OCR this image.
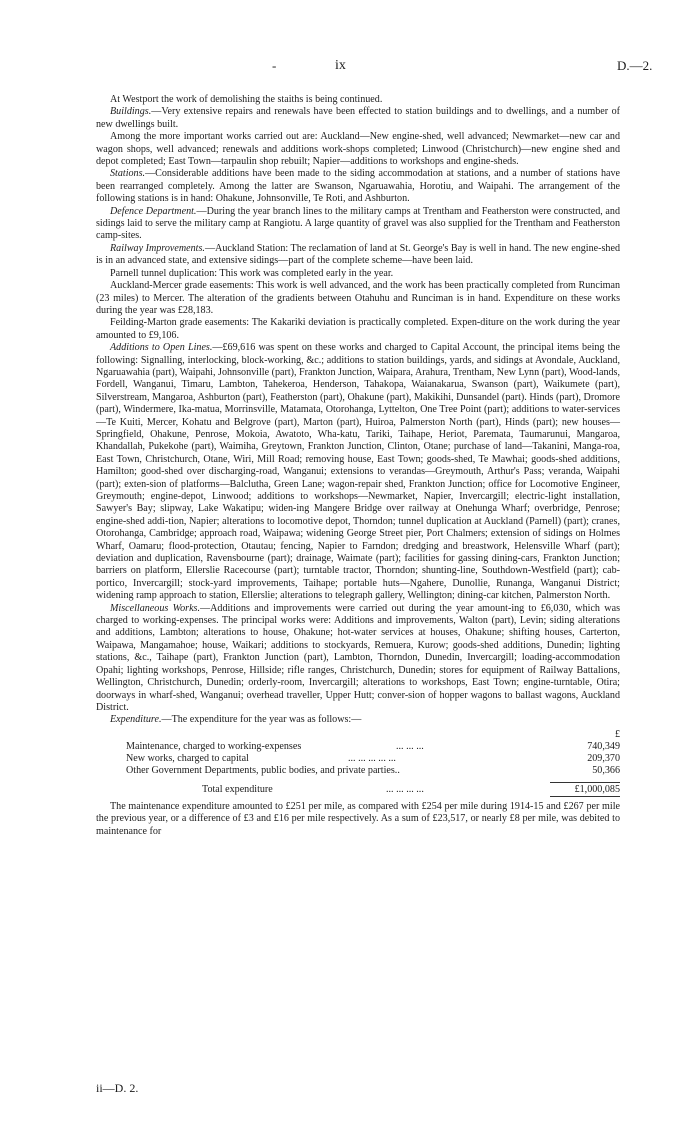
-	ix	D.—2.

At Westport the work of demolishing the staiths is being continued.

Buildings.—Very extensive repairs and renewals have been effected to station buildings and to dwellings, and a number of new dwellings built.

Among the more important works carried out are: Auckland—New engine-shed, well advanced; Newmarket—new car and wagon shops, well advanced; renewals and additions work-shops completed; Linwood (Christchurch)—new engine shed and depot completed; East Town—tarpaulin shop rebuilt; Napier—additions to workshops and engine-sheds.

Stations.—Considerable additions have been made to the siding accommodation at stations, and a number of stations have been rearranged completely. Among the latter are Swanson, Ngaruawahia, Horotiu, and Waipahi. The arrangement of the following stations is in hand: Ohakune, Johnsonville, Te Roti, and Ashburton.

Defence Department.—During the year branch lines to the military camps at Trentham and Featherston were constructed, and sidings laid to serve the military camp at Rangiotu. A large quantity of gravel was also supplied for the Trentham and Featherston camp-sites.

Railway Improvements.—Auckland Station: The reclamation of land at St. George's Bay is well in hand. The new engine-shed is in an advanced state, and extensive sidings—part of the complete scheme—have been laid.

Parnell tunnel duplication: This work was completed early in the year.

Auckland-Mercer grade easements: This work is well advanced, and the work has been practically completed from Runciman (23 miles) to Mercer. The alteration of the gradients between Otahuhu and Runciman is in hand. Expenditure on these works during the year was £28,183.

Feilding-Marton grade easements: The Kakariki deviation is practically completed. Expen-diture on the work during the year amounted to £9,106.

Additions to Open Lines.—£69,616 was spent on these works and charged to Capital Account, the principal items being the following: Signalling, interlocking, block-working, &c.; additions to station buildings, yards, and sidings at Avondale, Auckland, Ngaruawahia (part), Waipahi, Johnsonville (part), Frankton Junction, Waipara, Arahura, Trentham, New Lynn (part), Wood-lands, Fordell, Wanganui, Timaru, Lambton, Tahekeroa, Henderson, Tahakopa, Waianakarua, Swanson (part), Waikumete (part), Silverstream, Mangaroa, Ashburton (part), Featherston (part), Ohakune (part), Makikihi, Dunsandel (part). Hinds (part), Dromore (part), Windermere, Ika-matua, Morrinsville, Matamata, Otorohanga, Lyttelton, One Tree Point (part); additions to water-services—Te Kuiti, Mercer, Kohatu and Belgrove (part), Marton (part), Huiroa, Palmerston North (part), Hinds (part); new houses—Springfield, Ohakune, Penrose, Mokoia, Awatoto, Wha-katu, Tariki, Taihape, Heriot, Paremata, Taumarunui, Mangaroa, Khandallah, Pukekohe (part), Waimiha, Greytown, Frankton Junction, Clinton, Otane; purchase of land—Takanini, Manga-roa, East Town, Christchurch, Otane, Wiri, Mill Road; removing house, East Town; goods-shed, Te Mawhai; goods-shed additions, Hamilton; good-shed over discharging-road, Wanganui; extensions to verandas—Greymouth, Arthur's Pass; veranda, Waipahi (part); exten-sion of platforms—Balclutha, Green Lane; wagon-repair shed, Frankton Junction; office for Locomotive Engineer, Greymouth; engine-depot, Linwood; additions to workshops—Newmarket, Napier, Invercargill; electric-light installation, Sawyer's Bay; slipway, Lake Wakatipu; widen-ing Mangere Bridge over railway at Onehunga Wharf; overbridge, Penrose; engine-shed addi-tion, Napier; alterations to locomotive depot, Thorndon; tunnel duplication at Auckland (Parnell) (part); cranes, Otorohanga, Cambridge; approach road, Waipawa; widening George Street pier, Port Chalmers; extension of sidings on Holmes Wharf, Oamaru; flood-protection, Otautau; fencing, Napier to Farndon; dredging and breastwork, Helensville Wharf (part); deviation and duplication, Ravensbourne (part); drainage, Waimate (part); facilities for gassing dining-cars, Frankton Junction; barriers on platform, Ellerslie Racecourse (part); turntable tractor, Thorndon; shunting-line, Southdown-Westfield (part); cab-portico, Invercargill; stock-yard improvements, Taihape; portable huts—Ngahere, Dunollie, Runanga, Wanganui District; widening ramp approach to station, Ellerslie; alterations to telegraph gallery, Wellington; dining-car kitchen, Palmerston North.

Miscellaneous Works.—Additions and improvements were carried out during the year amount-ing to £6,030, which was charged to working-expenses. The principal works were: Additions and improvements, Walton (part), Levin; siding alterations and additions, Lambton; alterations to house, Ohakune; hot-water services at houses, Ohakune; shifting houses, Carterton, Waipawa, Mangamahoe; house, Waikari; additions to stockyards, Remuera, Kurow; goods-shed additions, Dunedin; lighting stations, &c., Taihape (part), Frankton Junction (part), Lambton, Thorndon, Dunedin, Invercargill; loading-accommodation Opahi; lighting workshops, Penrose, Hillside; rifle ranges, Christchurch, Dunedin; stores for equipment of Railway Battalions, Wellington, Christchurch, Dunedin; orderly-room, Invercargill; alterations to workshops, East Town; engine-turntable, Otira; doorways in wharf-shed, Wanganui; overhead traveller, Upper Hutt; conver-sion of hopper wagons to ballast wagons, Auckland District.

Expenditure.—The expenditure for the year was as follows:—

£
Maintenance, charged to working-expenses	... ... ...	740,349
New works, charged to capital	... ... ... ... ...	209,370
Other Government Departments, public bodies, and private parties..	50,366
Total expenditure	... ... ... ...	£1,000,085

The maintenance expenditure amounted to £251 per mile, as compared with £254 per mile during 1914-15 and £267 per mile the previous year, or a difference of £3 and £16 per mile respectively. As a sum of £23,517, or nearly £8 per mile, was debited to maintenance for

ii—D. 2.
